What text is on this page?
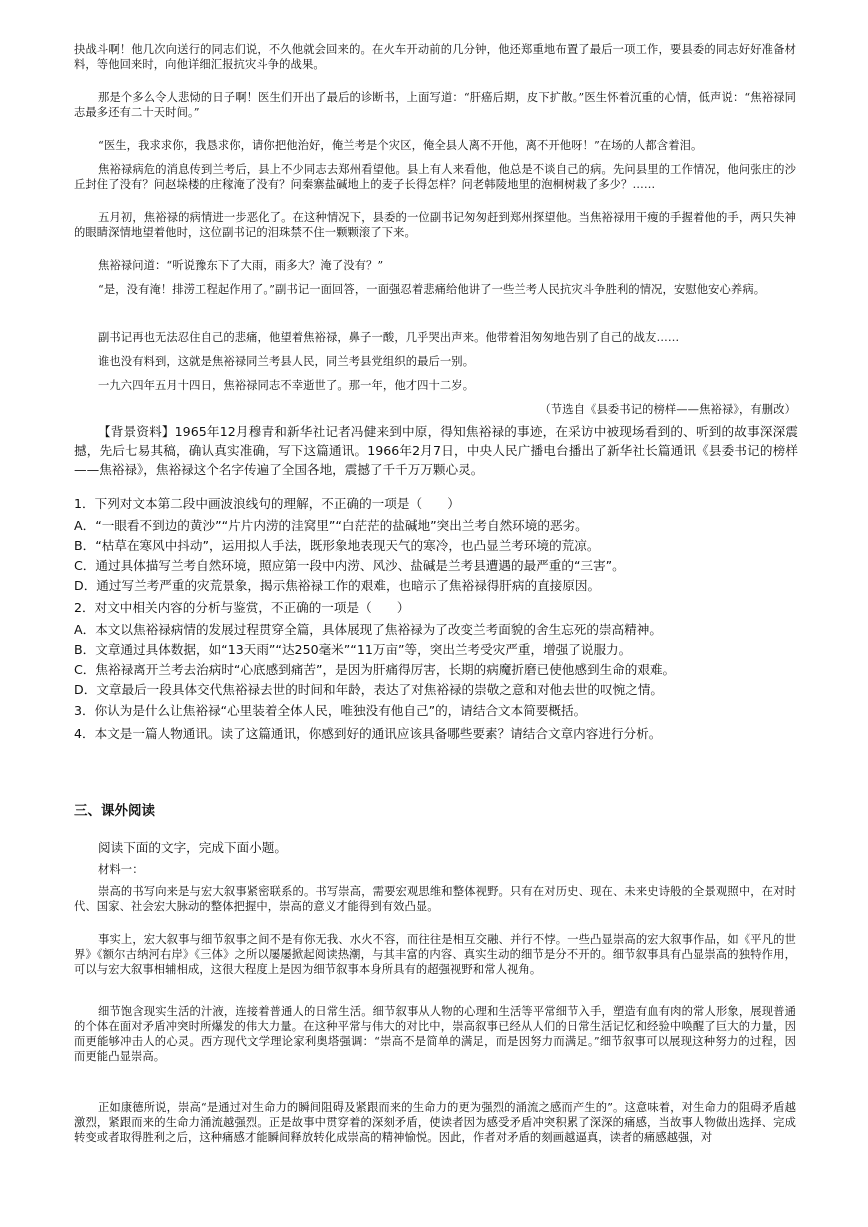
抉战斗啊！他几次向送行的同志们说，不久他就会回来的。在火车开动前的几分钟，他还郑重地布置了最后一项工作，要县委的同志好好准备材料，等他回来时，向他详细汇报抗灾斗争的战果。

那是个多么令人悲恸的日子啊！医生们开出了最后的诊断书，上面写道：“肝癌后期，皮下扩散。”医生怀着沉重的心情，低声说：“焦裕禄同志最多还有二十天时间。”

“医生，我求求你，我恳求你，请你把他治好，俺兰考是个灾区，俺全县人离不开他，离不开他呀！”在场的人都含着泪。

焦裕禄病危的消息传到兰考后，县上不少同志去郑州看望他。县上有人来看他，他总是不谈自己的病。先问县里的工作情况，他问张庄的沙丘封住了没有？问赵垛楼的庄稼淹了没有？问秦寨盐碱地上的麦子长得怎样？问老韩陵地里的泡桐树栽了多少？……

五月初，焦裕禄的病情进一步恶化了。在这种情况下，县委的一位副书记匆匆赶到郑州探望他。当焦裕禄用干瘦的手握着他的手，两只失神的眼睛深情地望着他时，这位副书记的泪珠禁不住一颗颗滚了下来。

焦裕禄问道：“听说豫东下了大雨，雨多大？淹了没有？”

“是，没有淹！排涝工程起作用了。”副书记一面回答，一面强忍着悲痛给他讲了一些兰考人民抗灾斗争胜利的情况，安慰他安心养病。

副书记再也无法忍住自己的悲痛，他望着焦裕禄，鼻子一酸，几乎哭出声来。他带着泪匆匆地告别了自己的战友……

谁也没有料到，这就是焦裕禄同兰考县人民，同兰考县党组织的最后一别。

一九六四年五月十四日，焦裕禄同志不幸逝世了。那一年，他才四十二岁。

（节选自《县委书记的榜样——焦裕禄》，有删改）

【背景资料】1965年12月穆青和新华社记者冯健来到中原，得知焦裕禄的事迹，在采访中被现场看到的、听到的故事深深震撼，先后七易其稿，确认真实准确，写下这篇通讯。1966年2月7日，中央人民广播电台播出了新华社长篇通讯《县委书记的榜样——焦裕禄》，焦裕禄这个名字传遍了全国各地，震撼了千千万万颗心灵。

1．下列对文本第二段中画波浪线句的理解，不正确的一项是（　　）

A．“一眼看不到边的黄沙”“片片内涝的洼窝里”“白茫茫的盐碱地”突出兰考自然环境的恶劣。

B．“枯草在寒风中抖动”，运用拟人手法，既形象地表现天气的寒冷，也凸显兰考环境的荒凉。

C．通过具体描写兰考自然环境，照应第一段中内涝、风沙、盐碱是兰考县遭遇的最严重的“三害”。

D．通过写兰考严重的灾荒景象，揭示焦裕禄工作的艰难，也暗示了焦裕禄得肝病的直接原因。

2．对文中相关内容的分析与鉴赏，不正确的一项是（　　）

A．本文以焦裕禄病情的发展过程贯穿全篇，具体展现了焦裕禄为了改变兰考面貌的舍生忘死的崇高精神。

B．文章通过具体数据，如“13天雨”“达250毫米”“11万亩”等，突出兰考受灾严重，增强了说服力。

C．焦裕禄离开兰考去治病时“心底感到痛苦”，是因为肝痛得厉害，长期的病魔折磨已使他感到生命的艰难。

D．文章最后一段具体交代焦裕禄去世的时间和年龄，表达了对焦裕禄的崇敬之意和对他去世的叹惋之情。

3．你认为是什么让焦裕禄“心里装着全体人民，唯独没有他自己”的，请结合文本简要概括。

4．本文是一篇人物通讯。读了这篇通讯，你感到好的通讯应该具备哪些要素？请结合文章内容进行分析。

三、课外阅读

阅读下面的文字，完成下面小题。

材料一：

崇高的书写向来是与宏大叙事紧密联系的。书写崇高，需要宏观思维和整体视野。只有在对历史、现在、未来史诗般的全景观照中，在对时代、国家、社会宏大脉动的整体把握中，崇高的意义才能得到有效凸显。

事实上，宏大叙事与细节叙事之间不是有你无我、水火不容，而往往是相互交融、并行不悖。一些凸显崇高的宏大叙事作品，如《平凡的世界》《额尔古纳河右岸》《三体》之所以屡屡掀起阅读热潮，与其丰富的内容、真实生动的细节是分不开的。细节叙事具有凸显崇高的独特作用，可以与宏大叙事相辅相成，这很大程度上是因为细节叙事本身所具有的超强视野和常人视角。

细节饱含现实生活的汁液，连接着普通人的日常生活。细节叙事从人物的心理和生活等平常细节入手，塑造有血有肉的常人形象，展现普通的个体在面对矛盾冲突时所爆发的伟大力量。在这种平常与伟大的对比中，崇高叙事已经从人们的日常生活记忆和经验中唤醒了巨大的力量，因而更能够冲击人的心灵。西方现代文学理论家利奥塔强调：“崇高不是简单的满足，而是因努力而满足。”细节叙事可以展现这种努力的过程，因而更能凸显崇高。

正如康德所说，崇高“是通过对生命力的瞬间阻碍及紧跟而来的生命力的更为强烈的涌流之感而产生的”。这意味着，对生命力的阻碍矛盾越激烈，紧跟而来的生命力涌流越强烈。正是故事中贯穿着的深刻矛盾，使读者因为感受矛盾冲突积累了深深的痛感，当故事人物做出选择、完成转变或者取得胜利之后，这种痛感才能瞬间释放转化成崇高的精神愉悦。因此，作者对矛盾的刻画越逼真，读者的痛感越强，对
